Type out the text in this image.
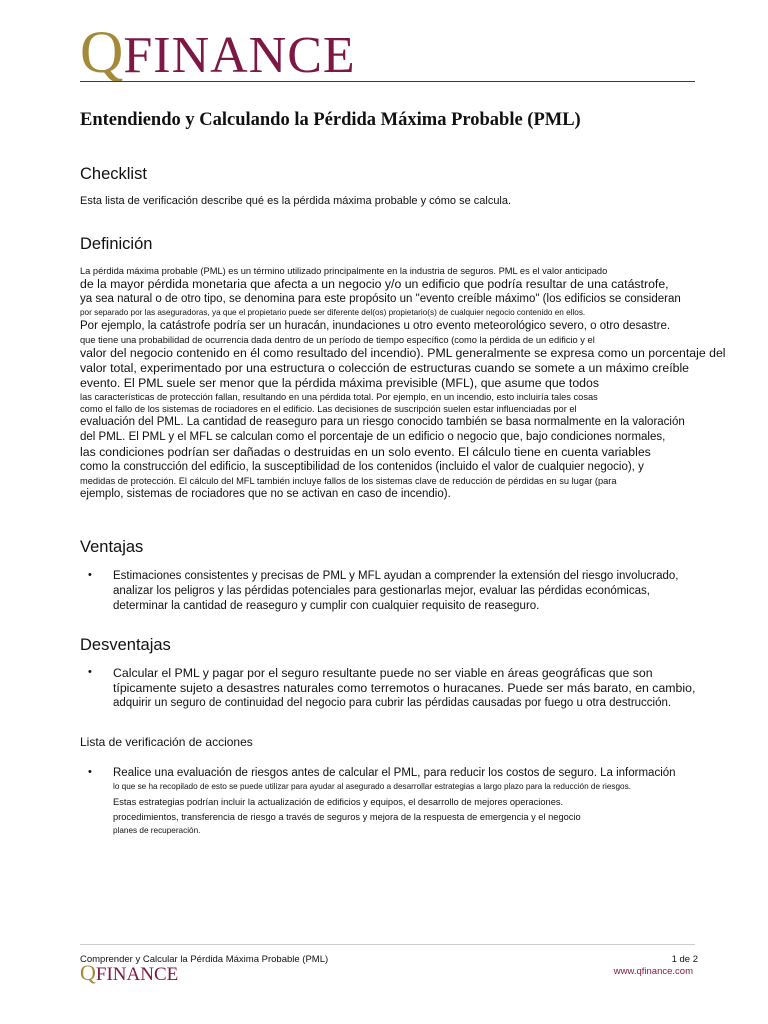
QFINANCE
Entendiendo y Calculando la Pérdida Máxima Probable (PML)
Checklist

Esta lista de verificación describe qué es la pérdida máxima probable y cómo se calcula.

Definición
La pérdida máxima probable (PML) es un término utilizado principalmente en la industria de seguros. PML es el valor anticipado
de la mayor pérdida monetaria que afecta a un negocio y/o un edificio que podría resultar de una catástrofe,
ya sea natural o de otro tipo, se denomina para este propósito un "evento creíble máximo" (los edificios se consideran
por separado por las aseguradoras, ya que el propietario puede ser diferente del(os) propietario(s) de cualquier negocio contenido en ellos.
Por ejemplo, la catástrofe podría ser un huracán, inundaciones u otro evento meteorológico severo, o otro desastre.
que tiene una probabilidad de ocurrencia dada dentro de un período de tiempo específico (como la pérdida de un edificio y el
valor del negocio contenido en él como resultado del incendio). PML generalmente se expresa como un porcentaje del
valor total, experimentado por una estructura o colección de estructuras cuando se somete a un máximo creíble
evento. El PML suele ser menor que la pérdida máxima previsible (MFL), que asume que todos
las características de protección fallan, resultando en una pérdida total. Por ejemplo, en un incendio, esto incluiría tales cosas
como el fallo de los sistemas de rociadores en el edificio. Las decisiones de suscripción suelen estar influenciadas por el
evaluación del PML. La cantidad de reaseguro para un riesgo conocido también se basa normalmente en la valoración
del PML. El PML y el MFL se calculan como el porcentaje de un edificio o negocio que, bajo condiciones normales,
las condiciones podrían ser dañadas o destruidas en un solo evento. El cálculo tiene en cuenta variables
como la construcción del edificio, la susceptibilidad de los contenidos (incluido el valor de cualquier negocio), y
medidas de protección. El cálculo del MFL también incluye fallos de los sistemas clave de reducción de pérdidas en su lugar (para
ejemplo, sistemas de rociadores que no se activan en caso de incendio).
Ventajas
• Estimaciones consistentes y precisas de PML y MFL ayudan a comprender la extensión del riesgo involucrado,
analizar los peligros y las pérdidas potenciales para gestionarlas mejor, evaluar las pérdidas económicas,
determinar la cantidad de reaseguro y cumplir con cualquier requisito de reaseguro.
Desventajas
• Calcular el PML y pagar por el seguro resultante puede no ser viable en áreas geográficas que son
típicamente sujeto a desastres naturales como terremotos o huracanes. Puede ser más barato, en cambio,
adquirir un seguro de continuidad del negocio para cubrir las pérdidas causadas por fuego u otra destrucción.

Lista de verificación de acciones

• Realice una evaluación de riesgos antes de calcular el PML, para reducir los costos de seguro. La información
lo que se ha recopilado de esto se puede utilizar para ayudar al asegurado a desarrollar estrategias a largo plazo para la reducción de riesgos.
Estas estrategias podrían incluir la actualización de edificios y equipos, el desarrollo de mejores operaciones.
procedimientos, transferencia de riesgo a través de seguros y mejora de la respuesta de emergencia y el negocio
planes de recuperación.
Comprender y Calcular la Pérdida Máxima Probable (PML)	1 de 2
QFINANCE	www.qfinance.com
